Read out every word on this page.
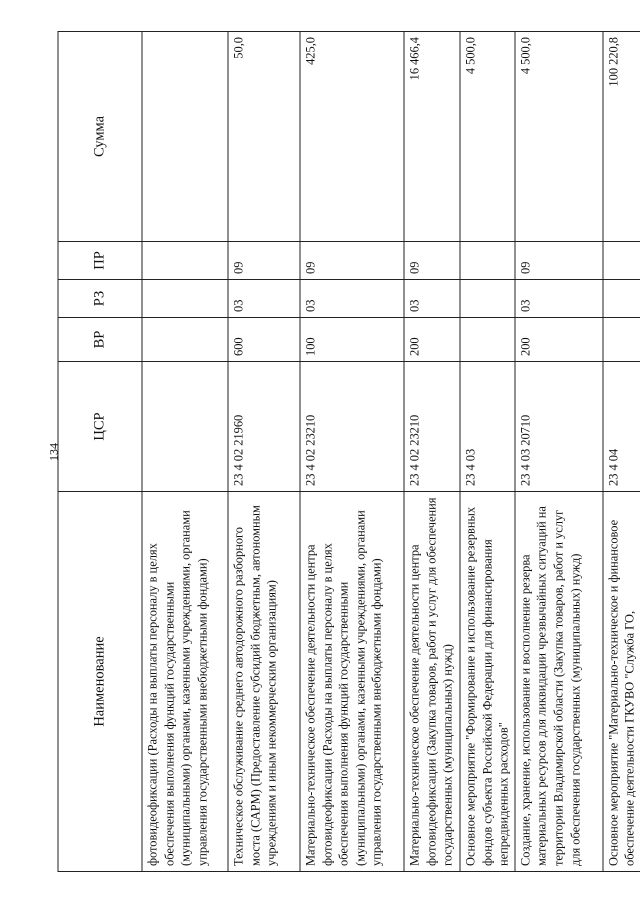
134
Наименование	ЦСР	ВР	РЗ	ПР	Сумма
фотовидеофиксации (Расходы на выплаты персоналу в целях обеспечения выполнения функций государственными (муниципальными) органами, казенными учреждениями, органами управления государственными внебюджетными фондами)					
Техническое обслуживание среднего автодорожного разборного моста (САРМ) (Предоставление субсидий бюджетным, автономным учреждениям и иным некоммерческим организациям)	23 4 02 21960	600	03	09	50,0
Материально-техническое обеспечение деятельности центра фотовидеофиксации (Расходы на выплаты персоналу в целях обеспечения выполнения функций государственными (муниципальными) органами, казенными учреждениями, органами управления государственными внебюджетными фондами)	23 4 02 23210	100	03	09	425,0
Материально-техническое обеспечение деятельности центра фотовидеофиксации (Закупка товаров, работ и услуг для обеспечения государственных (муниципальных) нужд)	23 4 02 23210	200	03	09	16 466,4
Основное мероприятие "Формирование и использование резервных фондов субъекта Российской Федерации для финансирования непредвиденных расходов"	23 4 03				4 500,0
Создание, хранение, использование и восполнение резерва материальных ресурсов для ликвидации чрезвычайных ситуаций на территории Владимирской области (Закупка товаров, работ и услуг для обеспечения государственных (муниципальных) нужд)	23 4 03 20710	200	03	09	4 500,0
Основное мероприятие "Материально-техническое и финансовое обеспечение деятельности ГКУВО "Служба ГО,	23 4 04				100 220,8
